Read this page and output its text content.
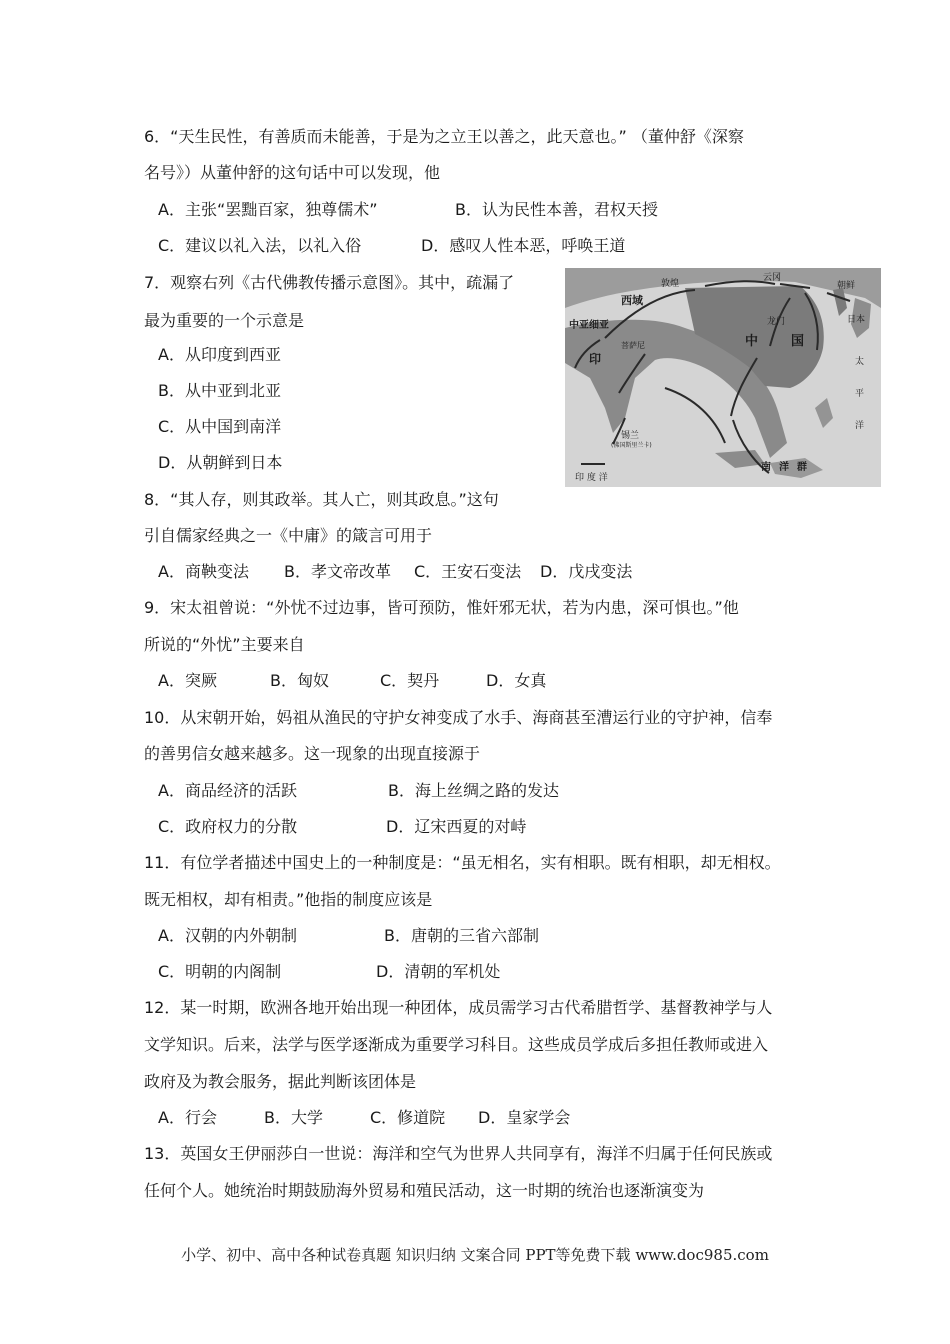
6．“天生民性，有善质而未能善，于是为之立王以善之，此天意也。” （董仲舒《深察
名号》）从董仲舒的这句话中可以发现，他
A．主张“罢黜百家，独尊儒术”	B．认为民性本善，君权天授
C．建议以礼入法，以礼入俗	D．感叹人性本恶，呼唤王道
7．观察右列《古代佛教传播示意图》。其中，疏漏了
最为重要的一个示意是
A．从印度到西亚
B．从中亚到北亚
C．从中国到南洋
D．从朝鲜到日本
敦煌
云冈
朝鲜
西域
中亚细亚	龙门	日本
中	国
印
菩萨尼
太
平
洋
锡兰
(佛国斯里兰卡)
南 洋 群
印 度 洋
8．“其人存，则其政举。其人亡，则其政息。”这句
引自儒家经典之一《中庸》的箴言可用于
A．商鞅变法 B．孝文帝改革 C．王安石变法 D．戊戌变法
9．宋太祖曾说：“外忧不过边事，皆可预防，惟奸邪无状，若为内患，深可惧也。”他
所说的“外忧”主要来自
A．突厥	B．匈奴	C．契丹	D．女真
10．从宋朝开始，妈祖从渔民的守护女神变成了水手、海商甚至漕运行业的守护神，信奉
的善男信女越来越多。这一现象的出现直接源于
A．商品经济的活跃	B．海上丝绸之路的发达
C．政府权力的分散	D．辽宋西夏的对峙
11．有位学者描述中国史上的一种制度是：“虽无相名，实有相职。既有相职，却无相权。
既无相权，却有相责。”他指的制度应该是
A．汉朝的内外朝制	B．唐朝的三省六部制
C．明朝的内阁制	D．清朝的军机处
12．某一时期，欧洲各地开始出现一种团体，成员需学习古代希腊哲学、基督教神学与人
文学知识。后来，法学与医学逐渐成为重要学习科目。这些成员学成后多担任教师或进入
政府及为教会服务，据此判断该团体是
A．行会	B．大学	C．修道院 D．皇家学会
13．英国女王伊丽莎白一世说：海洋和空气为世界人共同享有，海洋不归属于任何民族或
任何个人。她统治时期鼓励海外贸易和殖民活动，这一时期的统治也逐渐演变为
小学、初中、高中各种试卷真题 知识归纳 文案合同 PPT等免费下载 www.doc985.com
